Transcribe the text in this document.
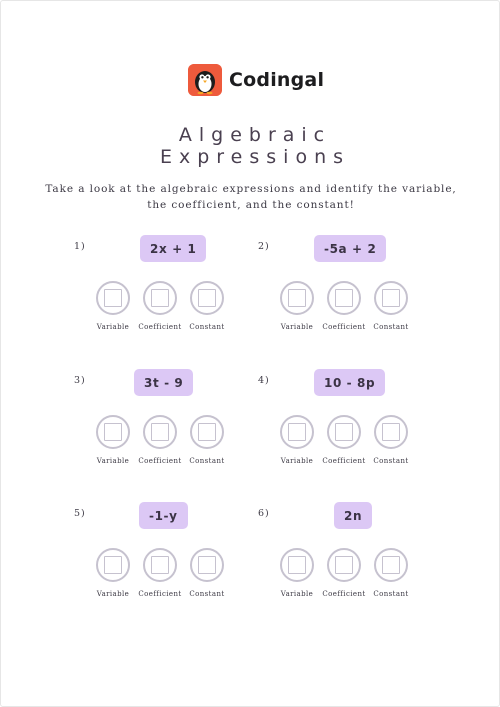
Codingal
Algebraic
Expressions
Take a look at the algebraic expressions and identify the variable,
the coefficient, and the constant!
1)	2x + 1
Variable	Coefficient	Constant
2)	-5a + 2
Variable	Coefficient	Constant
3)	3t - 9
Variable	Coefficient	Constant
4)	10 - 8p
Variable	Coefficient	Constant
5)	-1-y
Variable	Coefficient	Constant
6)	2n
Variable	Coefficient	Constant
